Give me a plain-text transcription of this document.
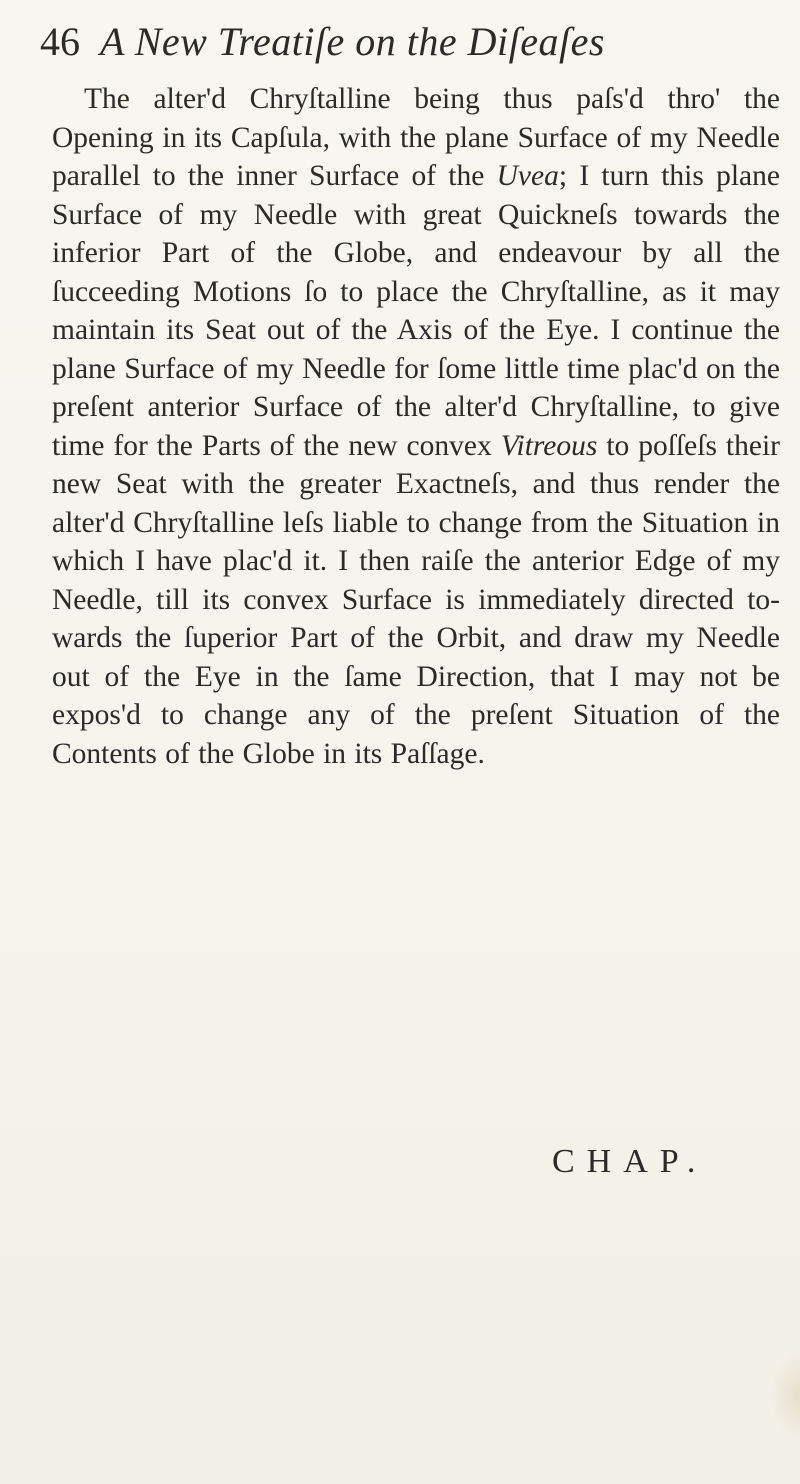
46 A New Treatiſe on the Diſeaſes

The alter'd Chryſtalline being thus paſs'd thro' the Opening in its Capſula, with the plane Surface of my Needle parallel to the inner Surface of the Uvea; I turn this plane Surface of my Needle with great Quickneſs towards the inferior Part of the Globe, and endeavour by all the ſucceeding Motions ſo to place the Chryſtalline, as it may maintain its Seat out of the Axis of the Eye. I continue the plane Surface of my Needle for ſome little time plac'd on the preſent anterior Surface of the alter'd Chryſtalline, to give time for the Parts of the new convex Vitreous to poſſeſs their new Seat with the greater Exactneſs, and thus render the alter'd Chryſtalline leſs liable to change from the Situation in which I have plac'd it. I then raiſe the anterior Edge of my Needle, till its convex Surface is immediately directed towards the ſuperior Part of the Orbit, and draw my Needle out of the Eye in the ſame Direction, that I may not be expos'd to change any of the preſent Situation of the Contents of the Globe in its Paſſage.

CHAP.
